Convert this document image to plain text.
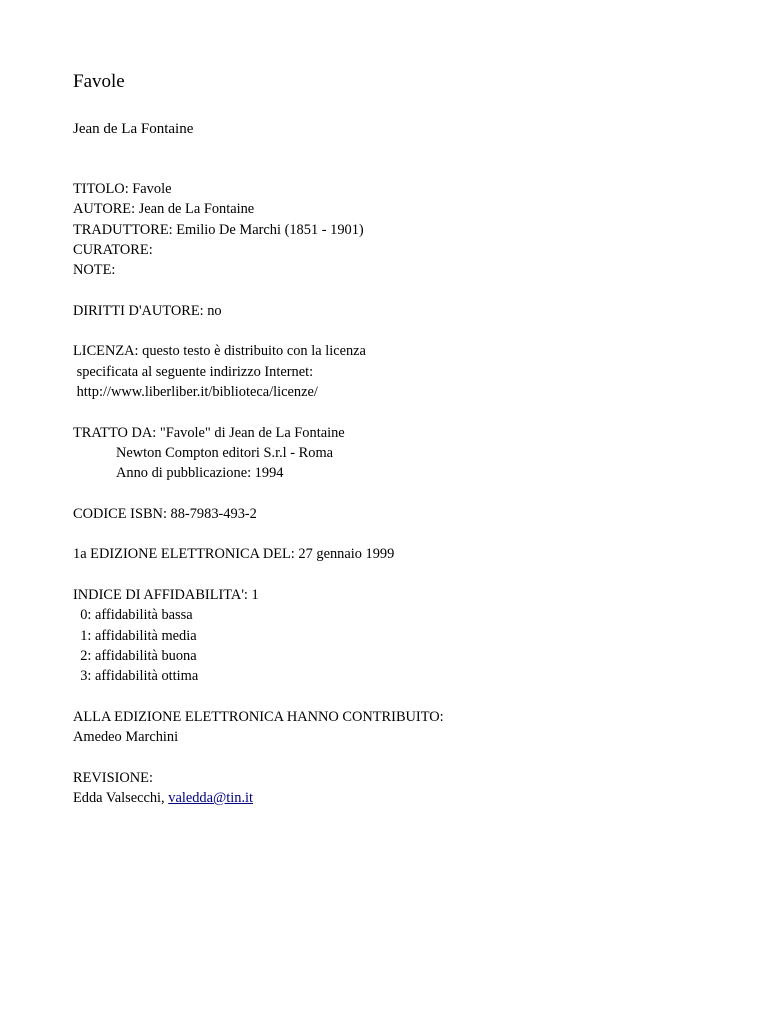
Favole
Jean de La Fontaine
TITOLO: Favole
AUTORE: Jean de La Fontaine
TRADUTTORE: Emilio De Marchi (1851 - 1901)
CURATORE:
NOTE:
DIRITTI D'AUTORE: no
LICENZA: questo testo è distribuito con la licenza
specificata al seguente indirizzo Internet:
http://www.liberliber.it/biblioteca/licenze/
TRATTO DA: "Favole" di Jean de La Fontaine
Newton Compton editori S.r.l - Roma
Anno di pubblicazione: 1994
CODICE ISBN: 88-7983-493-2
1a EDIZIONE ELETTRONICA DEL: 27 gennaio 1999
INDICE DI AFFIDABILITA': 1
0: affidabilità bassa
1: affidabilità media
2: affidabilità buona
3: affidabilità ottima
ALLA EDIZIONE ELETTRONICA HANNO CONTRIBUITO:
Amedeo Marchini
REVISIONE:
Edda Valsecchi, valedda@tin.it
